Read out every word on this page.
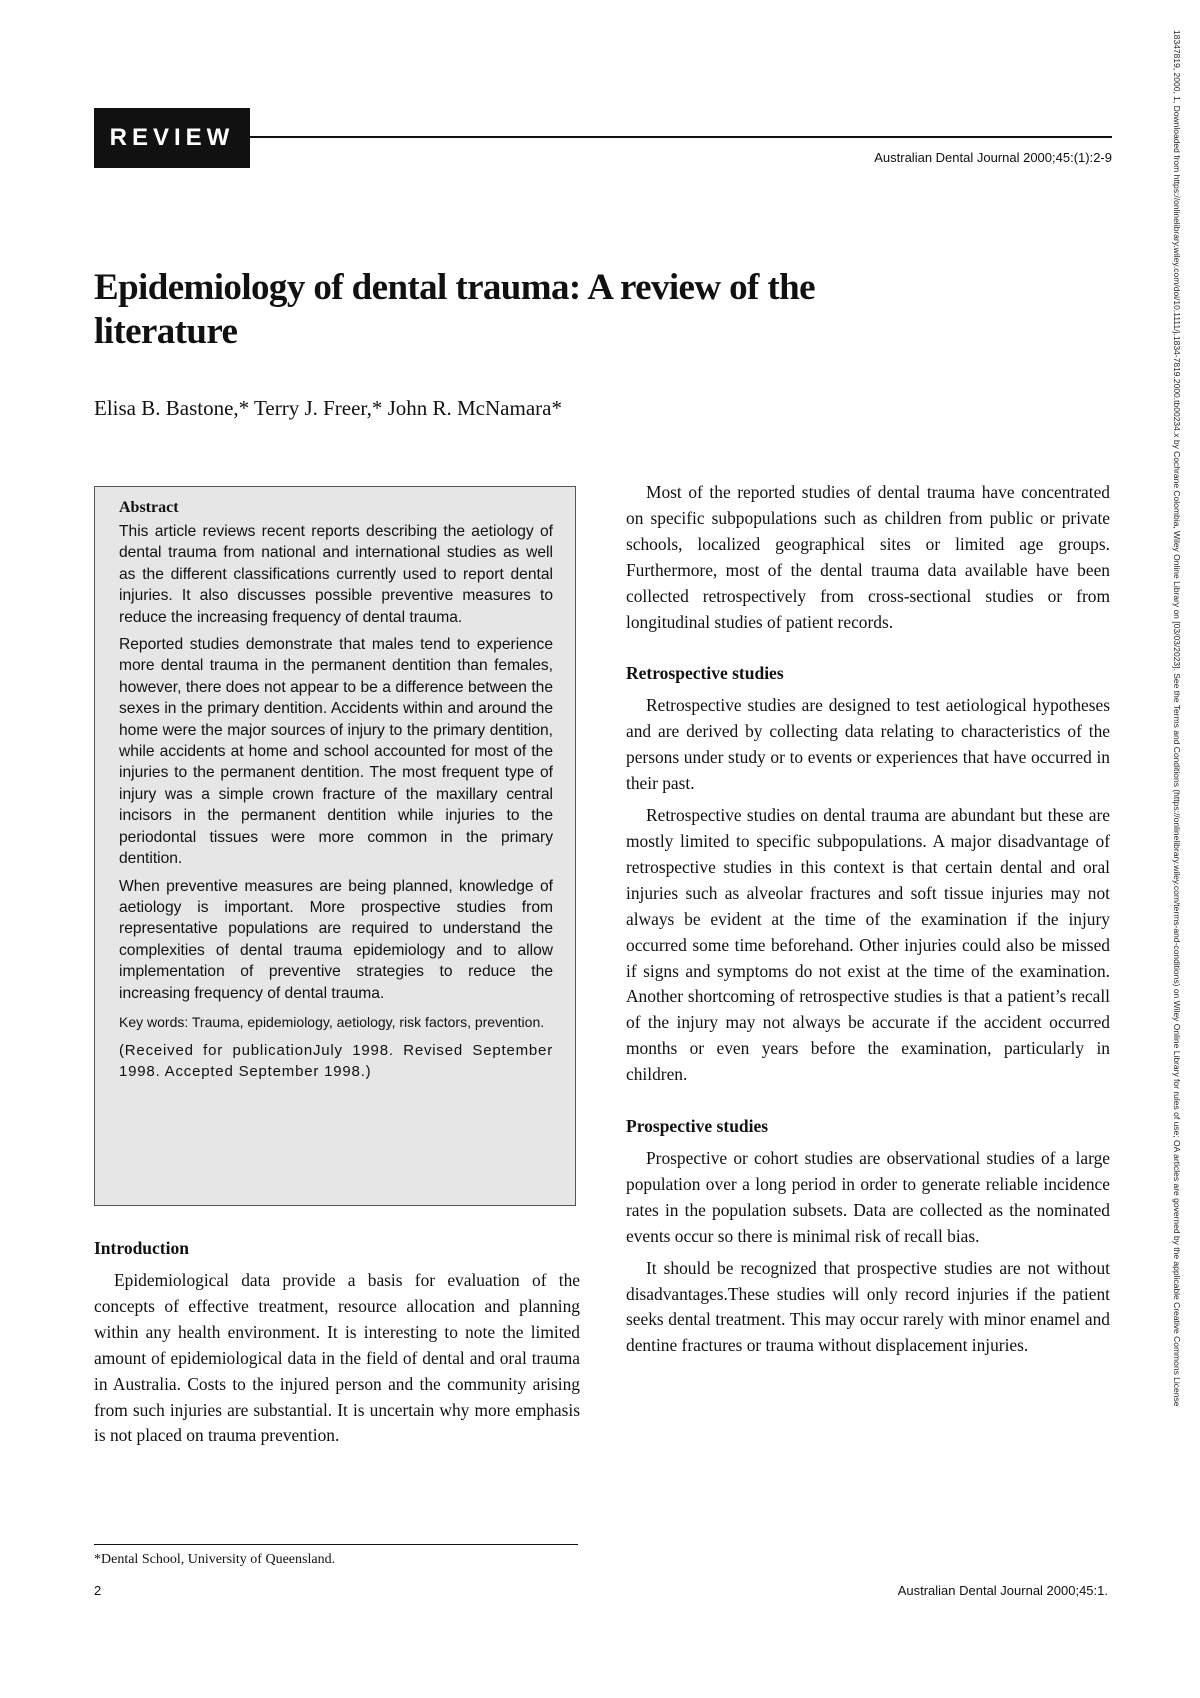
REVIEW
Australian Dental Journal 2000;45:(1):2-9
Epidemiology of dental trauma: A review of the literature
Elisa B. Bastone,* Terry J. Freer,* John R. McNamara*
Abstract

This article reviews recent reports describing the aetiology of dental trauma from national and international studies as well as the different classifications currently used to report dental injuries. It also discusses possible preventive measures to reduce the increasing frequency of dental trauma.

Reported studies demonstrate that males tend to experience more dental trauma in the permanent dentition than females, however, there does not appear to be a difference between the sexes in the primary dentition. Accidents within and around the home were the major sources of injury to the primary dentition, while accidents at home and school accounted for most of the injuries to the permanent dentition. The most frequent type of injury was a simple crown fracture of the maxillary central incisors in the permanent dentition while injuries to the periodontal tissues were more common in the primary dentition.

When preventive measures are being planned, knowledge of aetiology is important. More prospective studies from representative populations are required to understand the complexities of dental trauma epidemiology and to allow implementation of preventive strategies to reduce the increasing frequency of dental trauma.

Key words: Trauma, epidemiology, aetiology, risk factors, prevention.

(Received for publicationJuly 1998. Revised September 1998. Accepted September 1998.)

Introduction

Epidemiological data provide a basis for evaluation of the concepts of effective treatment, resource allocation and planning within any health environment. It is interesting to note the limited amount of epidemiological data in the field of dental and oral trauma in Australia. Costs to the injured person and the community arising from such injuries are substantial. It is uncertain why more emphasis is not placed on trauma prevention.

Most of the reported studies of dental trauma have concentrated on specific subpopulations such as children from public or private schools, localized geographical sites or limited age groups. Furthermore, most of the dental trauma data available have been collected retrospectively from cross-sectional studies or from longitudinal studies of patient records.

Retrospective studies

Retrospective studies are designed to test aetiological hypotheses and are derived by collecting data relating to characteristics of the persons under study or to events or experiences that have occurred in their past.

Retrospective studies on dental trauma are abundant but these are mostly limited to specific subpopulations. A major disadvantage of retrospective studies in this context is that certain dental and oral injuries such as alveolar fractures and soft tissue injuries may not always be evident at the time of the examination if the injury occurred some time beforehand. Other injuries could also be missed if signs and symptoms do not exist at the time of the examination. Another shortcoming of retrospective studies is that a patient’s recall of the injury may not always be accurate if the accident occurred months or even years before the examination, particularly in children.

Prospective studies

Prospective or cohort studies are observational studies of a large population over a long period in order to generate reliable incidence rates in the population subsets. Data are collected as the nominated events occur so there is minimal risk of recall bias.

It should be recognized that prospective studies are not without disadvantages.These studies will only record injuries if the patient seeks dental treatment. This may occur rarely with minor enamel and dentine fractures or trauma without displacement injuries.

*Dental School, University of Queensland.
2	Australian Dental Journal 2000;45:1.
18347819, 2000, 1, Downloaded from https://onlinelibrary.wiley.com/doi/10.1111/j.1834-7819.2000.tb00234.x by Cochrane Colombia, Wiley Online Library on [03/03/2023]. See the Terms and Conditions (https://onlinelibrary.wiley.com/terms-and-conditions) on Wiley Online Library for rules of use; OA articles are governed by the applicable Creative Commons License
